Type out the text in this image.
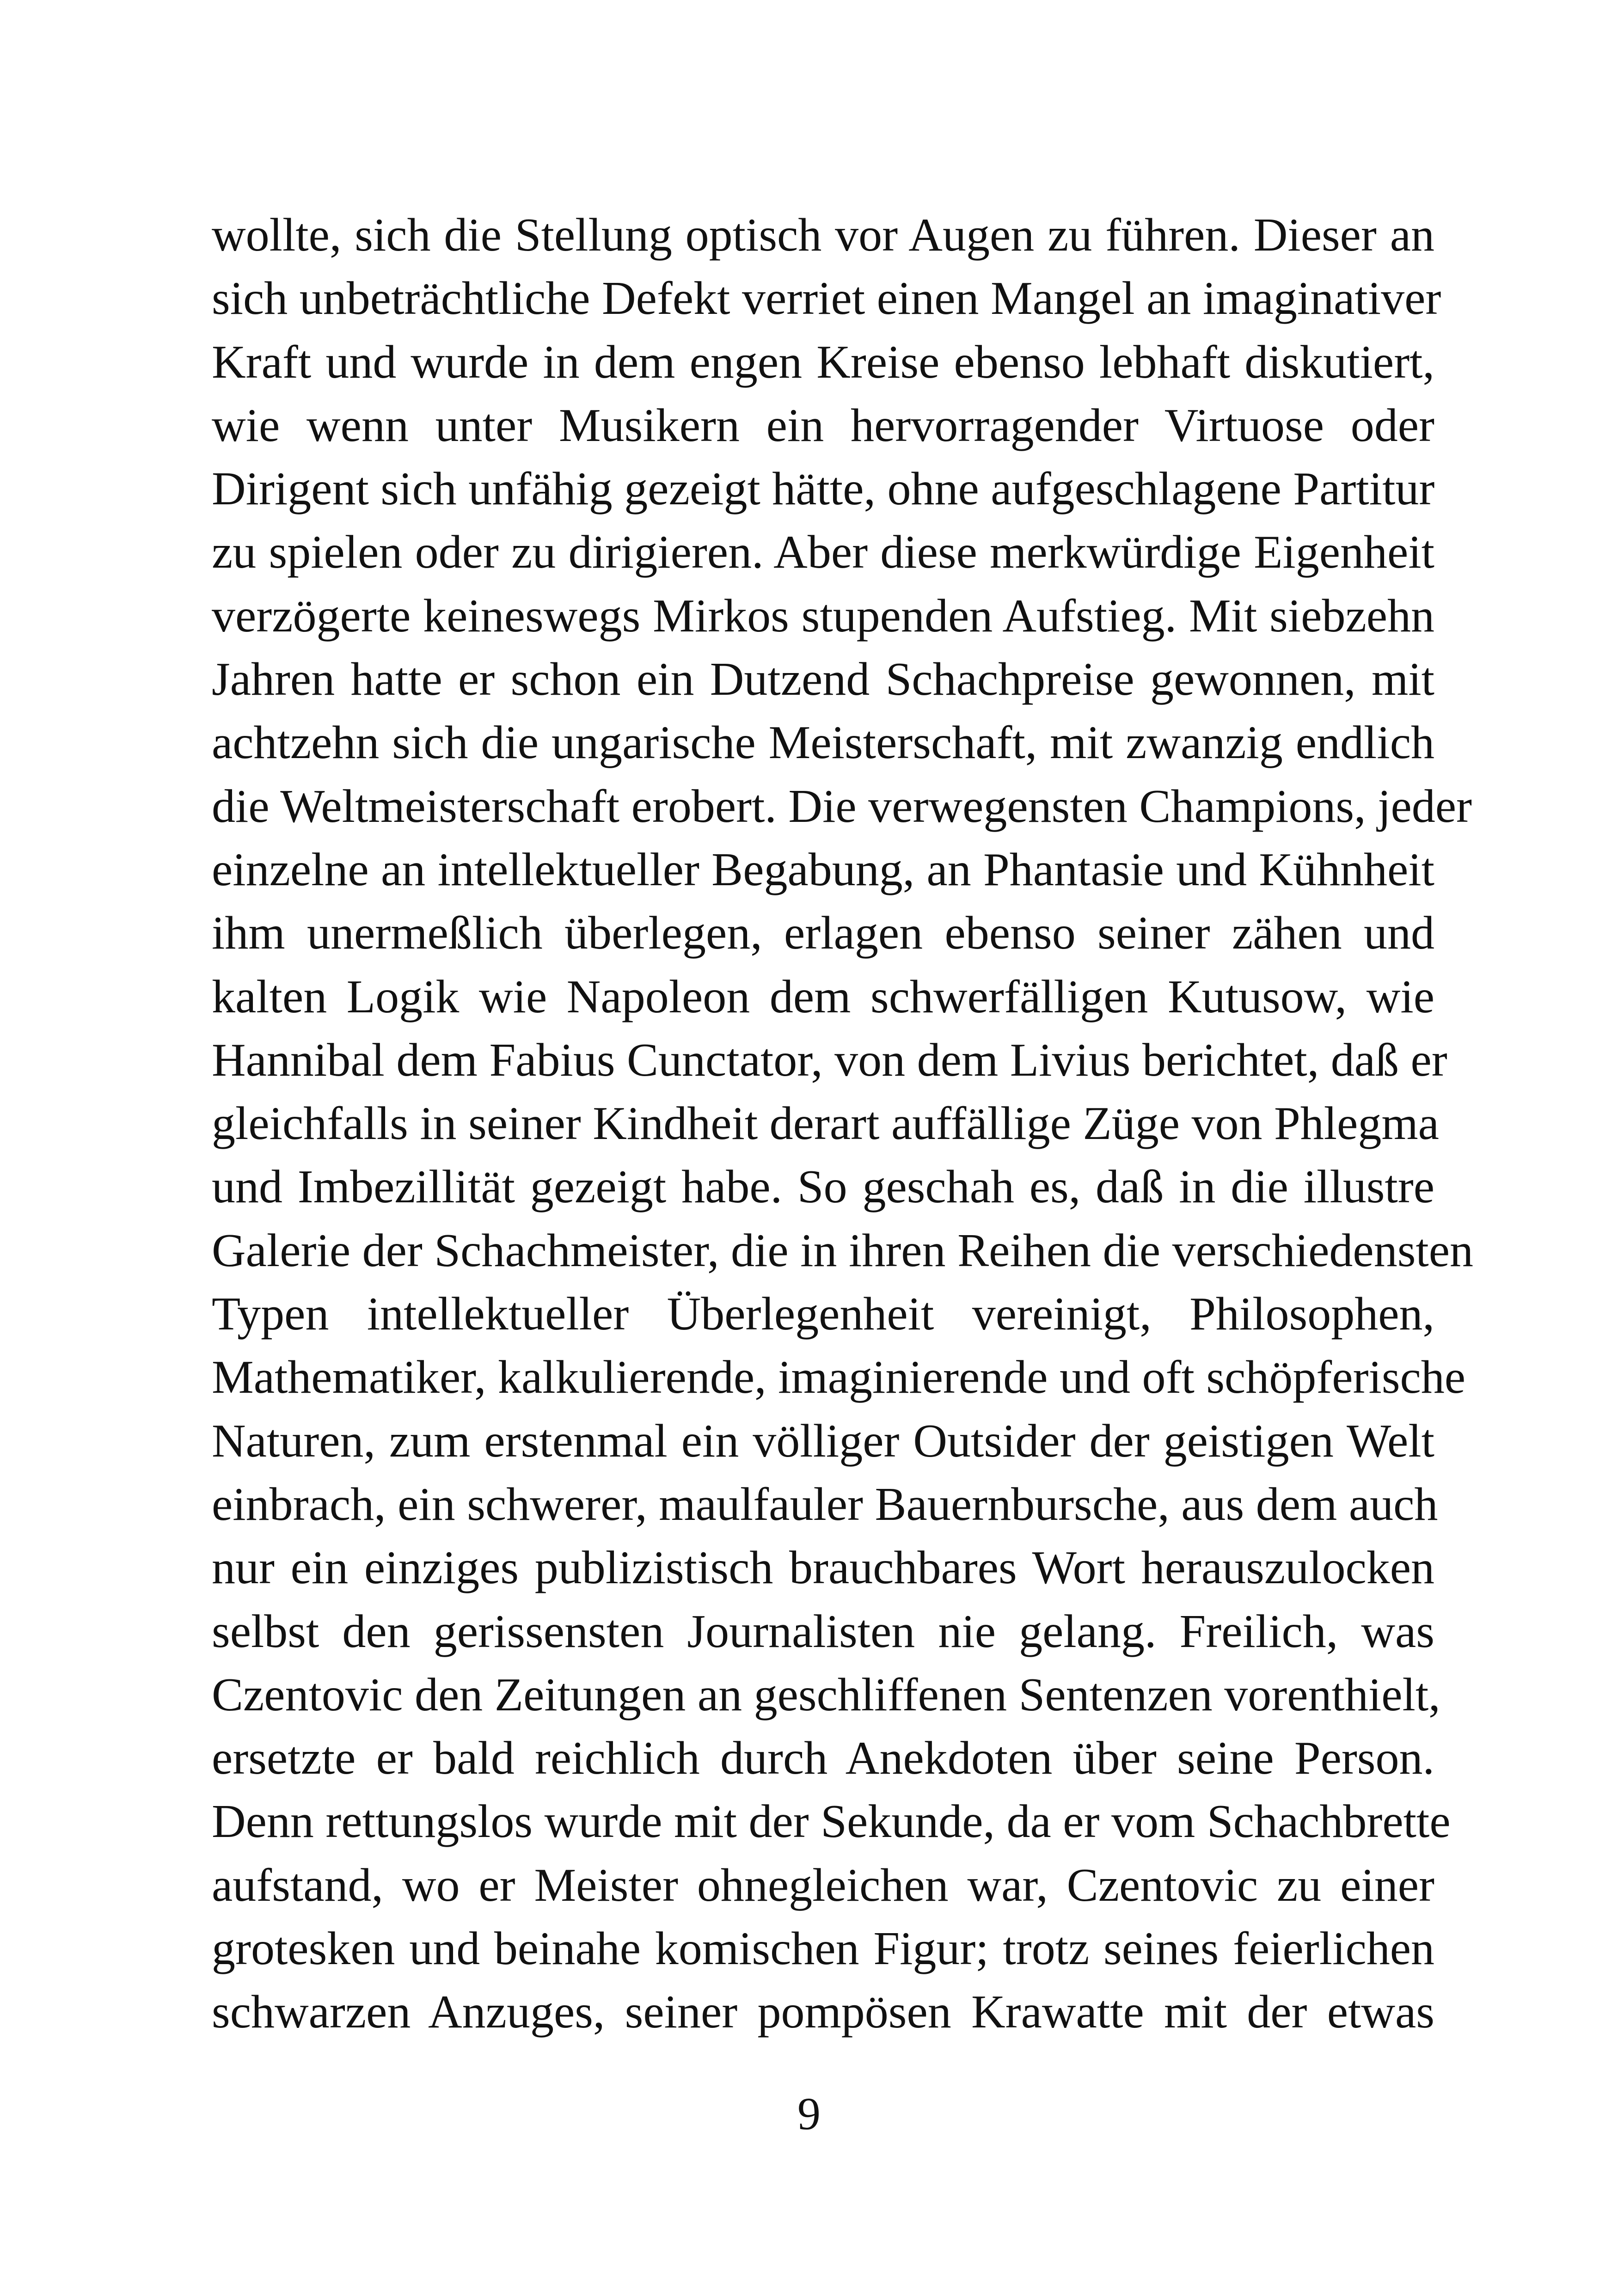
wollte, sich die Stellung optisch vor Augen zu führen. Dieser an
sich unbeträchtliche Defekt verriet einen Mangel an imaginativer
Kraft und wurde in dem engen Kreise ebenso lebhaft diskutiert,
wie wenn unter Musikern ein hervorragender Virtuose oder
Dirigent sich unfähig gezeigt hätte, ohne aufgeschlagene Partitur
zu spielen oder zu dirigieren. Aber diese merkwürdige Eigenheit
verzögerte keineswegs Mirkos stupenden Aufstieg. Mit siebzehn
Jahren hatte er schon ein Dutzend Schachpreise gewonnen, mit
achtzehn sich die ungarische Meisterschaft, mit zwanzig endlich
die Weltmeisterschaft erobert. Die verwegensten Champions, jeder
einzelne an intellektueller Begabung, an Phantasie und Kühnheit
ihm unermeßlich überlegen, erlagen ebenso seiner zähen und
kalten Logik wie Napoleon dem schwerfälligen Kutusow, wie
Hannibal dem Fabius Cunctator, von dem Livius berichtet, daß er
gleichfalls in seiner Kindheit derart auffällige Züge von Phlegma
und Imbezillität gezeigt habe. So geschah es, daß in die illustre
Galerie der Schachmeister, die in ihren Reihen die verschiedensten
Typen intellektueller Überlegenheit vereinigt, Philosophen,
Mathematiker, kalkulierende, imaginierende und oft schöpferische
Naturen, zum erstenmal ein völliger Outsider der geistigen Welt
einbrach, ein schwerer, maulfauler Bauernbursche, aus dem auch
nur ein einziges publizistisch brauchbares Wort herauszulocken
selbst den gerissensten Journalisten nie gelang. Freilich, was
Czentovic den Zeitungen an geschliffenen Sentenzen vorenthielt,
ersetzte er bald reichlich durch Anekdoten über seine Person.
Denn rettungslos wurde mit der Sekunde, da er vom Schachbrette
aufstand, wo er Meister ohnegleichen war, Czentovic zu einer
grotesken und beinahe komischen Figur; trotz seines feierlichen
schwarzen Anzuges, seiner pompösen Krawatte mit der etwas
9
